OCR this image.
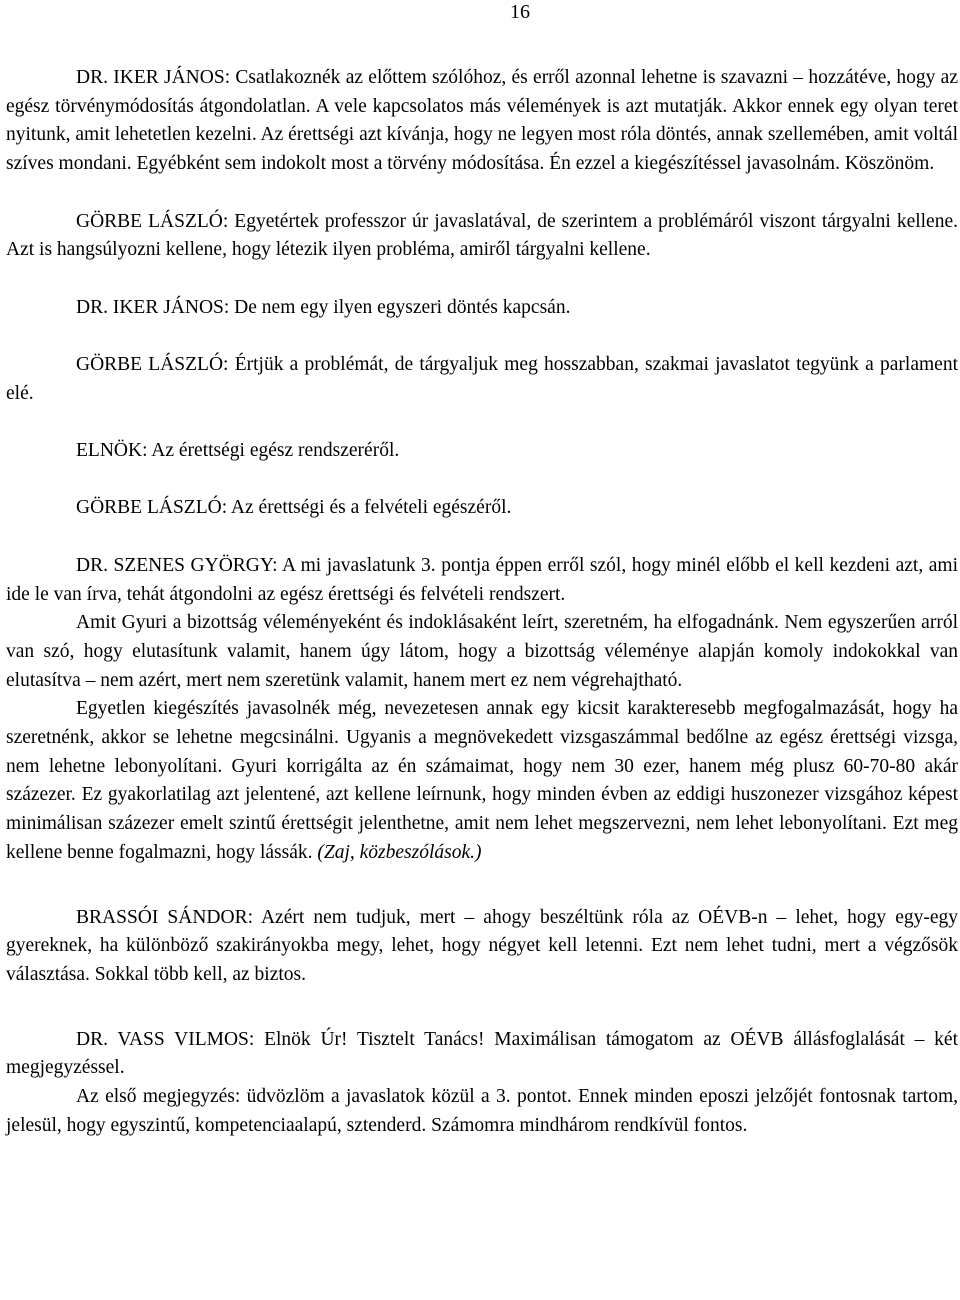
16

DR. IKER JÁNOS: Csatlakoznék az előttem szólóhoz, és erről azonnal lehetne is szavazni – hozzátéve, hogy az egész törvénymódosítás átgondolatlan. A vele kapcsolatos más vélemények is azt mutatják. Akkor ennek egy olyan teret nyitunk, amit lehetetlen kezelni. Az érettségi azt kívánja, hogy ne legyen most róla döntés, annak szellemében, amit voltál szíves mondani. Egyébként sem indokolt most a törvény módosítása. Én ezzel a kiegészítéssel javasolnám. Köszönöm.

GÖRBE LÁSZLÓ: Egyetértek professzor úr javaslatával, de szerintem a problémáról viszont tárgyalni kellene. Azt is hangsúlyozni kellene, hogy létezik ilyen probléma, amiről tárgyalni kellene.

DR. IKER JÁNOS: De nem egy ilyen egyszeri döntés kapcsán.

GÖRBE LÁSZLÓ: Értjük a problémát, de tárgyaljuk meg hosszabban, szakmai javaslatot tegyünk a parlament elé.

ELNÖK: Az érettségi egész rendszeréről.

GÖRBE LÁSZLÓ: Az érettségi és a felvételi egészéről.

DR. SZENES GYÖRGY: A mi javaslatunk 3. pontja éppen erről szól, hogy minél előbb el kell kezdeni azt, ami ide le van írva, tehát átgondolni az egész érettségi és felvételi rendszert.

Amit Gyuri a bizottság véleményeként és indoklásaként leírt, szeretném, ha elfogadnánk. Nem egyszerűen arról van szó, hogy elutasítunk valamit, hanem úgy látom, hogy a bizottság véleménye alapján komoly indokokkal van elutasítva – nem azért, mert nem szeretünk valamit, hanem mert ez nem végrehajtható.

Egyetlen kiegészítés javasolnék még, nevezetesen annak egy kicsit karakteresebb megfogalmazását, hogy ha szeretnénk, akkor se lehetne megcsinálni. Ugyanis a megnövekedett vizsgaszámmal bedőlne az egész érettségi vizsga, nem lehetne lebonyolítani. Gyuri korrigálta az én számaimat, hogy nem 30 ezer, hanem még plusz 60-70-80 akár százezer. Ez gyakorlatilag azt jelentené, azt kellene leírnunk, hogy minden évben az eddigi huszonezer vizsgához képest minimálisan százezer emelt szintű érettségit jelenthetne, amit nem lehet megszervezni, nem lehet lebonyolítani. Ezt meg kellene benne fogalmazni, hogy lássák. (Zaj, közbeszólások.)

BRASSÓI SÁNDOR: Azért nem tudjuk, mert – ahogy beszéltünk róla az OÉVB-n – lehet, hogy egy-egy gyereknek, ha különböző szakirányokba megy, lehet, hogy négyet kell letenni. Ezt nem lehet tudni, mert a végzősök választása. Sokkal több kell, az biztos.

DR. VASS VILMOS: Elnök Úr! Tisztelt Tanács! Maximálisan támogatom az OÉVB állásfoglalását – két megjegyzéssel.

Az első megjegyzés: üdvözlöm a javaslatok közül a 3. pontot. Ennek minden eposzi jelzőjét fontosnak tartom, jelesül, hogy egyszintű, kompetenciaalapú, sztenderd. Számomra mindhárom rendkívül fontos.
